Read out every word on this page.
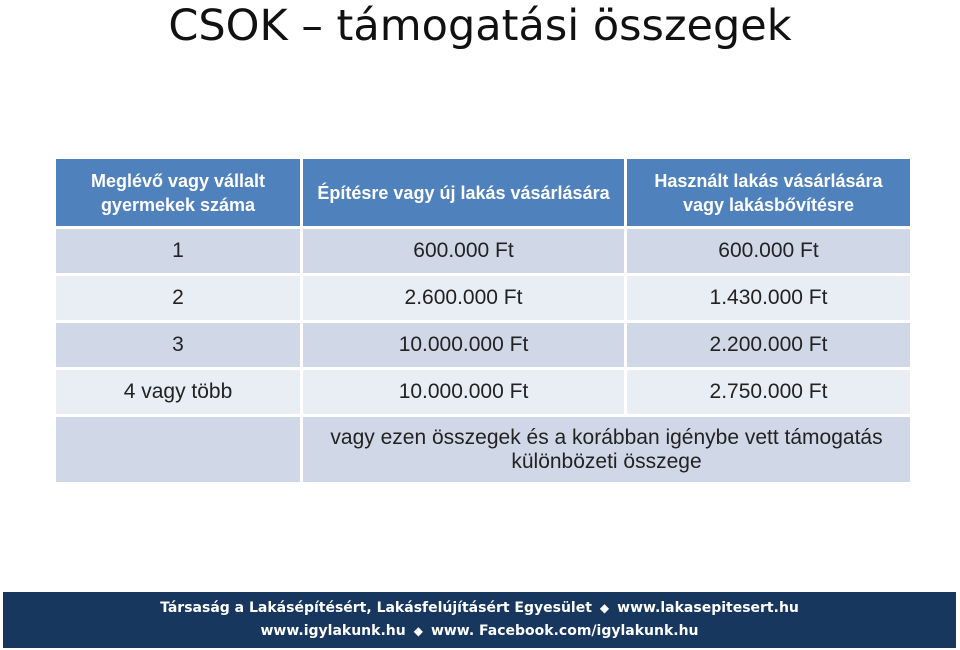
CSOK – támogatási összegek
Meglévő vagy vállalt gyermekek száma	Építésre vagy új lakás vásárlására	Használt lakás vásárlására vagy lakásbővítésre
1	600.000 Ft	600.000 Ft
2	2.600.000 Ft	1.430.000 Ft
3	10.000.000 Ft	2.200.000 Ft
4 vagy több	10.000.000 Ft	2.750.000 Ft
	vagy ezen összegek és a korábban igénybe vett támogatás különbözeti összege	
Társaság a Lakásépítésért, Lakásfelújításért Egyesület ◆ www.lakasepitesert.hu
www.igylakunk.hu ◆ www. Facebook.com/igylakunk.hu
